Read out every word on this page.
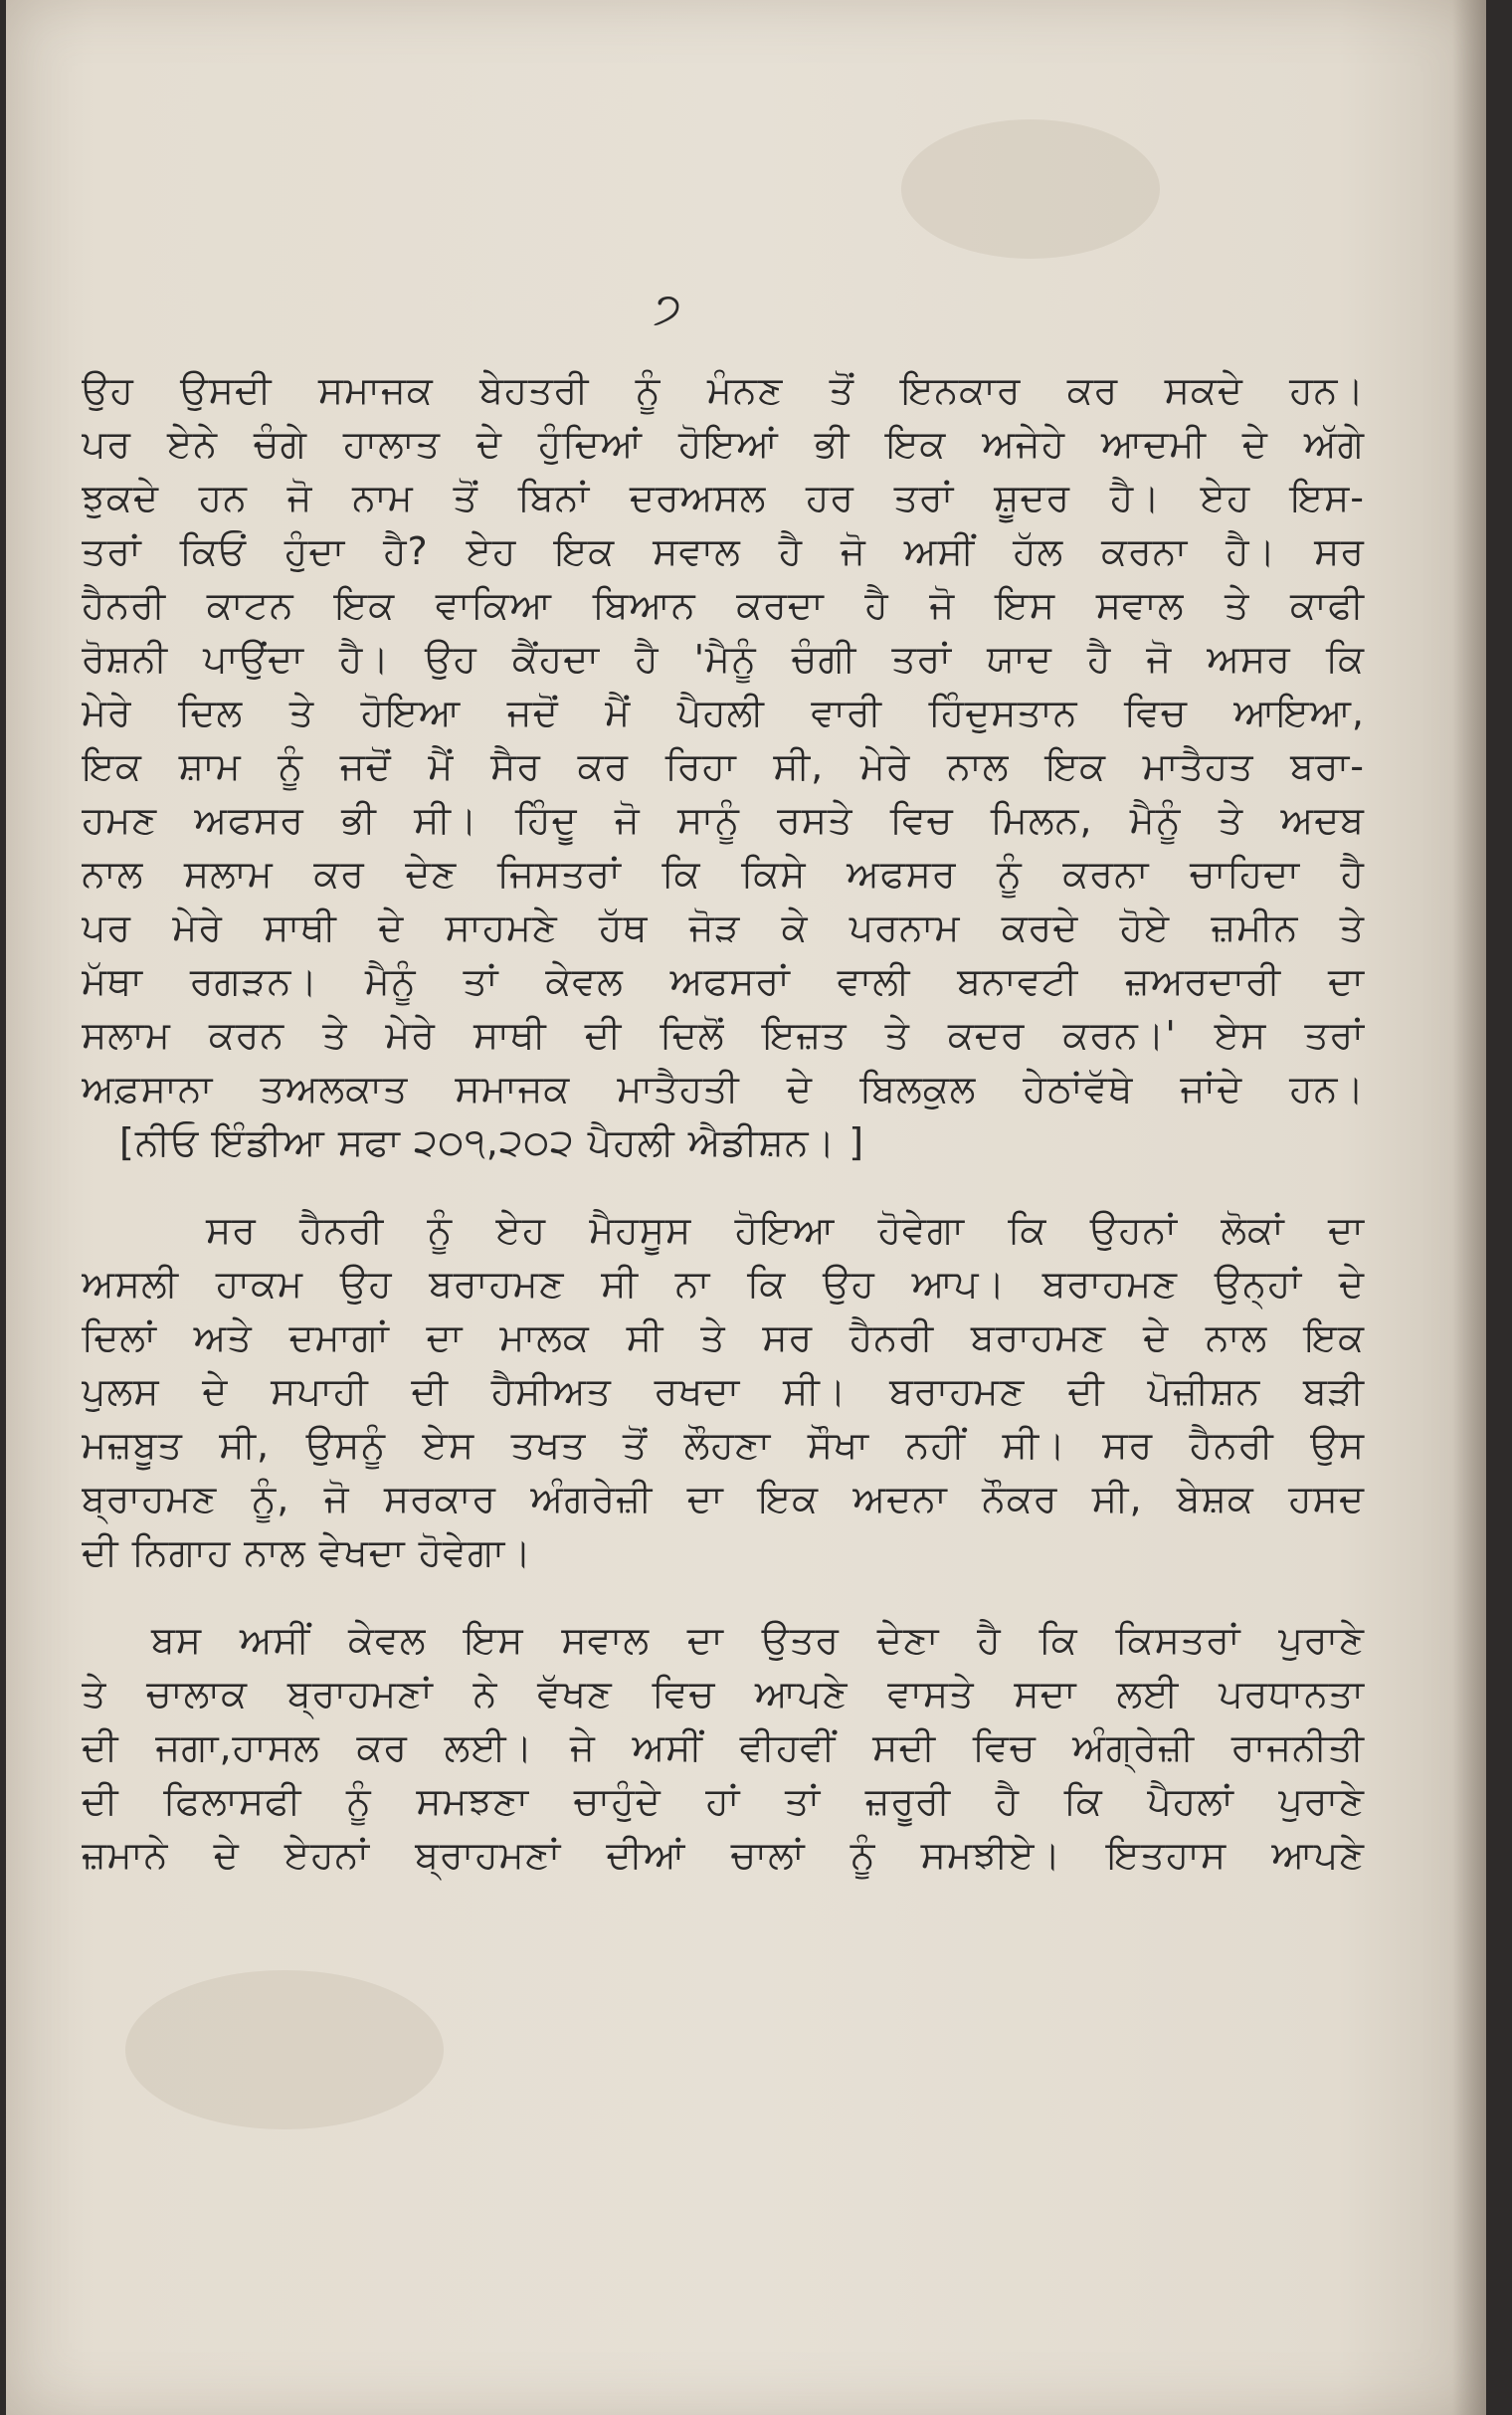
੭
ਉਹ ਉਸਦੀ ਸਮਾਜਕ ਬੇਹਤਰੀ ਨੂੰ ਮੰਨਣ ਤੋਂ ਇਨਕਾਰ ਕਰ ਸਕਦੇ ਹਨ।
ਪਰ ਏਨੇ ਚੰਗੇ ਹਾਲਾਤ ਦੇ ਹੁੰਦਿਆਂ ਹੋਇਆਂ ਭੀ ਇਕ ਅਜੇਹੇ ਆਦਮੀ ਦੇ ਅੱਗੇ
ਝੁਕਦੇ ਹਨ ਜੋ ਨਾਮ ਤੋਂ ਬਿਨਾਂ ਦਰਅਸਲ ਹਰ ਤਰਾਂ ਸ਼ੂਦਰ ਹੈ। ਏਹ ਇਸ-
ਤਰਾਂ ਕਿਓਂ ਹੁੰਦਾ ਹੈ? ਏਹ ਇਕ ਸਵਾਲ ਹੈ ਜੋ ਅਸੀਂ ਹੱਲ ਕਰਨਾ ਹੈ। ਸਰ
ਹੈਨਰੀ ਕਾਟਨ ਇਕ ਵਾਕਿਆ ਬਿਆਨ ਕਰਦਾ ਹੈ ਜੋ ਇਸ ਸਵਾਲ ਤੇ ਕਾਫੀ
ਰੋਸ਼ਨੀ ਪਾਉਂਦਾ ਹੈ। ਉਹ ਕੈਂਹਦਾ ਹੈ 'ਮੈਨੂੰ ਚੰਗੀ ਤਰਾਂ ਯਾਦ ਹੈ ਜੋ ਅਸਰ ਕਿ
ਮੇਰੇ ਦਿਲ ਤੇ ਹੋਇਆ ਜਦੋਂ ਮੈਂ ਪੈਹਲੀ ਵਾਰੀ ਹਿੰਦੁਸਤਾਨ ਵਿਚ ਆਇਆ,
ਇਕ ਸ਼ਾਮ ਨੂੰ ਜਦੋਂ ਮੈਂ ਸੈਰ ਕਰ ਰਿਹਾ ਸੀ, ਮੇਰੇ ਨਾਲ ਇਕ ਮਾਤੈਹਤ ਬਰਾ-
ਹਮਣ ਅਫਸਰ ਭੀ ਸੀ। ਹਿੰਦੂ ਜੋ ਸਾਨੂੰ ਰਸਤੇ ਵਿਚ ਮਿਲਨ, ਮੈਨੂੰ ਤੇ ਅਦਬ
ਨਾਲ ਸਲਾਮ ਕਰ ਦੇਣ ਜਿਸਤਰਾਂ ਕਿ ਕਿਸੇ ਅਫਸਰ ਨੂੰ ਕਰਨਾ ਚਾਹਿਦਾ ਹੈ
ਪਰ ਮੇਰੇ ਸਾਥੀ ਦੇ ਸਾਹਮਣੇ ਹੱਥ ਜੋੜ ਕੇ ਪਰਨਾਮ ਕਰਦੇ ਹੋਏ ਜ਼ਮੀਨ ਤੇ
ਮੱਥਾ ਰਗੜਨ। ਮੈਨੂੰ ਤਾਂ ਕੇਵਲ ਅਫਸਰਾਂ ਵਾਲੀ ਬਨਾਵਟੀ ਜ਼ਅਰਦਾਰੀ ਦਾ
ਸਲਾਮ ਕਰਨ ਤੇ ਮੇਰੇ ਸਾਥੀ ਦੀ ਦਿਲੋਂ ਇਜ਼ਤ ਤੇ ਕਦਰ ਕਰਨ।' ਏਸ ਤਰਾਂ
ਅਫ਼ਸਾਨਾ ਤਅਲਕਾਤ ਸਮਾਜਕ ਮਾਤੈਹਤੀ ਦੇ ਬਿਲਕੁਲ ਹੇਠਾਂਵੱਥੇ ਜਾਂਦੇ ਹਨ।
[ਨੀਓ ਇੰਡੀਆ ਸਫਾ ੨੦੧,੨੦੨ ਪੈਹਲੀ ਐਡੀਸ਼ਨ। ]
ਸਰ ਹੈਨਰੀ ਨੂੰ ਏਹ ਮੈਹਸੂਸ ਹੋਇਆ ਹੋਵੇਗਾ ਕਿ ਉਹਨਾਂ ਲੋਕਾਂ ਦਾ
ਅਸਲੀ ਹਾਕਮ ਉਹ ਬਰਾਹਮਣ ਸੀ ਨਾ ਕਿ ਉਹ ਆਪ। ਬਰਾਹਮਣ ਉਨ੍ਹਾਂ ਦੇ
ਦਿਲਾਂ ਅਤੇ ਦਮਾਗਾਂ ਦਾ ਮਾਲਕ ਸੀ ਤੇ ਸਰ ਹੈਨਰੀ ਬਰਾਹਮਣ ਦੇ ਨਾਲ ਇਕ
ਪੁਲਸ ਦੇ ਸਪਾਹੀ ਦੀ ਹੈਸੀਅਤ ਰਖਦਾ ਸੀ। ਬਰਾਹਮਣ ਦੀ ਪੋਜ਼ੀਸ਼ਨ ਬੜੀ
ਮਜ਼ਬੂਤ ਸੀ, ਉਸਨੂੰ ਏਸ ਤਖਤ ਤੋਂ ਲੌਹਣਾ ਸੌਖਾ ਨਹੀਂ ਸੀ। ਸਰ ਹੈਨਰੀ ਉਸ
ਬ੍ਰਾਹਮਣ ਨੂੰ, ਜੋ ਸਰਕਾਰ ਅੰਗਰੇਜ਼ੀ ਦਾ ਇਕ ਅਦਨਾ ਨੌਕਰ ਸੀ, ਬੇਸ਼ਕ ਹਸਦ
ਦੀ ਨਿਗਾਹ ਨਾਲ ਵੇਖਦਾ ਹੋਵੇਗਾ।
ਬਸ ਅਸੀਂ ਕੇਵਲ ਇਸ ਸਵਾਲ ਦਾ ਉਤਰ ਦੇਣਾ ਹੈ ਕਿ ਕਿਸਤਰਾਂ ਪੁਰਾਣੇ
ਤੇ ਚਾਲਾਕ ਬ੍ਰਾਹਮਣਾਂ ਨੇ ਵੱਖਣ ਵਿਚ ਆਪਣੇ ਵਾਸਤੇ ਸਦਾ ਲਈ ਪਰਧਾਨਤਾ
ਦੀ ਜਗਾ,ਹਾਸਲ ਕਰ ਲਈ। ਜੇ ਅਸੀਂ ਵੀਹਵੀਂ ਸਦੀ ਵਿਚ ਅੰਗ੍ਰੇਜ਼ੀ ਰਾਜਨੀਤੀ
ਦੀ ਫਿਲਾਸਫੀ ਨੂੰ ਸਮਝਣਾ ਚਾਹੁੰਦੇ ਹਾਂ ਤਾਂ ਜ਼ਰੂਰੀ ਹੈ ਕਿ ਪੈਹਲਾਂ ਪੁਰਾਣੇ
ਜ਼ਮਾਨੇ ਦੇ ਏਹਨਾਂ ਬ੍ਰਾਹਮਣਾਂ ਦੀਆਂ ਚਾਲਾਂ ਨੂੰ ਸਮਝੀਏ। ਇਤਹਾਸ ਆਪਣੇ
